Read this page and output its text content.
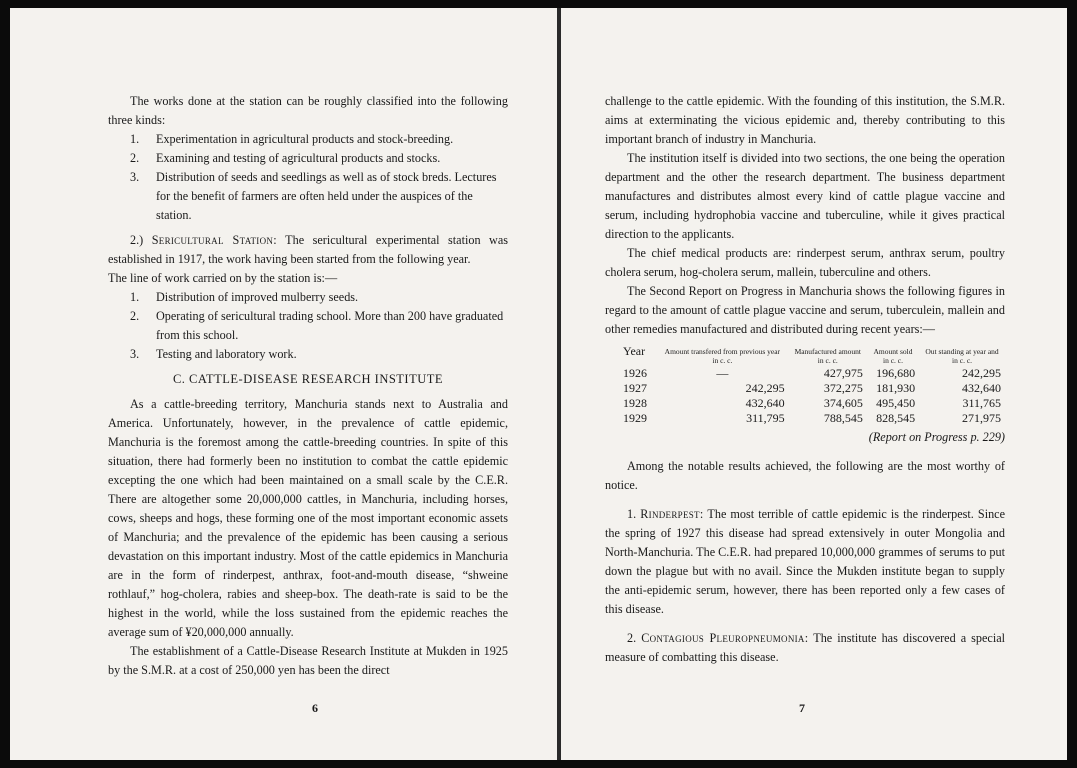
The works done at the station can be roughly classified into the following three kinds:

1.	Experimentation in agricultural products and stock-breeding.
2.	Examining and testing of agricultural products and stocks.
3.	Distribution of seeds and seedlings as well as of stock breds. Lectures for the benefit of farmers are often held under the auspices of the station.

2.) Sericultural Station: The sericultural experimental station was established in 1917, the work having been started from the following year.

The line of work carried on by the station is:—

1.	Distribution of improved mulberry seeds.
2.	Operating of sericultural trading school. More than 200 have graduated from this school.
3.	Testing and laboratory work.
C. CATTLE-DISEASE RESEARCH INSTITUTE

As a cattle-breeding territory, Manchuria stands next to Australia and America. Unfortunately, however, in the prevalence of cattle epidemic, Manchuria is the foremost among the cattle-breeding countries. In spite of this situation, there had formerly been no institution to combat the cattle epidemic excepting the one which had been maintained on a small scale by the C.E.R. There are altogether some 20,000,000 cattles, in Manchuria, including horses, cows, sheeps and hogs, these forming one of the most important economic assets of Manchuria; and the prevalence of the epidemic has been causing a serious devastation on this important industry. Most of the cattle epidemics in Manchuria are in the form of rinderpest, anthrax, foot-and-mouth disease, “shweine rothlauf,” hog-cholera, rabies and sheep-box. The death-rate is said to be the highest in the world, while the loss sustained from the epidemic reaches the average sum of ¥20,000,000 annually.

The establishment of a Cattle-Disease Research Institute at Mukden in 1925 by the S.M.R. at a cost of 250,000 yen has been the direct

6

challenge to the cattle epidemic. With the founding of this institution, the S.M.R. aims at exterminating the vicious epidemic and, thereby contributing to this important branch of industry in Manchuria.

The institution itself is divided into two sections, the one being the operation department and the other the research department. The business department manufactures and distributes almost every kind of cattle plague vaccine and serum, including hydrophobia vaccine and tuberculine, while it gives practical direction to the applicants.

The chief medical products are: rinderpest serum, anthrax serum, poultry cholera serum, hog-cholera serum, mallein, tuberculine and others.

The Second Report on Progress in Manchuria shows the following figures in regard to the amount of cattle plague vaccine and serum, tuberculein, mallein and other remedies manufactured and distributed during recent years:—

Year	Amount transfered from previous year	Manufactured amount	Amount sold	Out standing at year and
	in c. c.	in c. c.	in c. c.	in c. c.
1926	—	427,975	196,680	242,295
1927	242,295	372,275	181,930	432,640
1928	432,640	374,605	495,450	311,765
1929	311,795	788,545	828,545	271,975
(Report on Progress p. 229)

Among the notable results achieved, the following are the most worthy of notice.

1. Rinderpest: The most terrible of cattle epidemic is the rinderpest. Since the spring of 1927 this disease had spread extensively in outer Mongolia and North-Manchuria. The C.E.R. had prepared 10,000,000 grammes of serums to put down the plague but with no avail. Since the Mukden institute began to supply the anti-epidemic serum, however, there has been reported only a few cases of this disease.

2. Contagious Pleuropneumonia: The institute has discovered a special measure of combatting this disease.

7
